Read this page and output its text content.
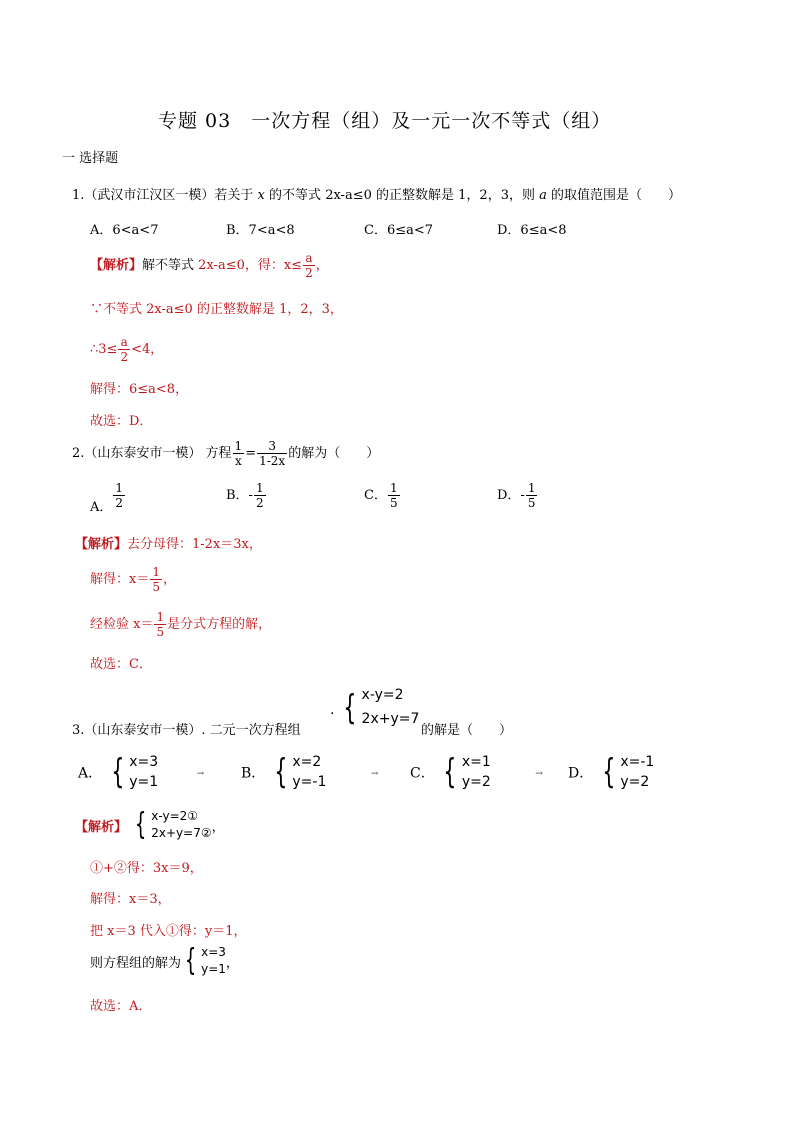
专题 03　一次方程（组）及一元一次不等式（组）
一 选择题
1.（武汉市江汉区一模）若关于 x 的不等式 2x-a≤0 的正整数解是 1，2，3，则 a 的取值范围是（　　）
A．6<a<7	B．7<a<8	C．6≤a<7	D．6≤a<8
【解析】解不等式 2x-a≤0，得：$x\le \frac{a}{2}$ ，
∵不等式 2x-a≤0 的正整数解是 1，2，3，
∴3≤ $\frac{a}{2} <4$，
解得：6≤a<8，
故选：D．
2.（山东泰安市一模） 方程 $\frac{1}{x} = \frac{3}{1-2x}$ 的解为（　　）
A． $\frac{1}{2}$	B．- $\frac{1}{2}$	C． $\frac{1}{5}$	D．- $\frac{1}{5}$
【解析】去分母得：1-2x＝3x，
解得：$x= \frac{1}{5}$ ，
经检验 $x= \frac{1}{5}$ 是分式方程的解，
故选：C．
3.（山东泰安市一模）. 二元一次方程组
· { x-y=2
2x+y=7
的解是（　　）
A． { x=3
y=1	→	B． { x=2
y=-1	→ C． { x=1
y=2	→ D． { x=-1
y=2
【解析】 { x-y=2①
2x+y=7② ，
①+②得：3x＝9，
解得：x＝3，
把 x＝3 代入①得：y＝1，
则方程组的解为 { x=3
y=1 ，
故选：A．
